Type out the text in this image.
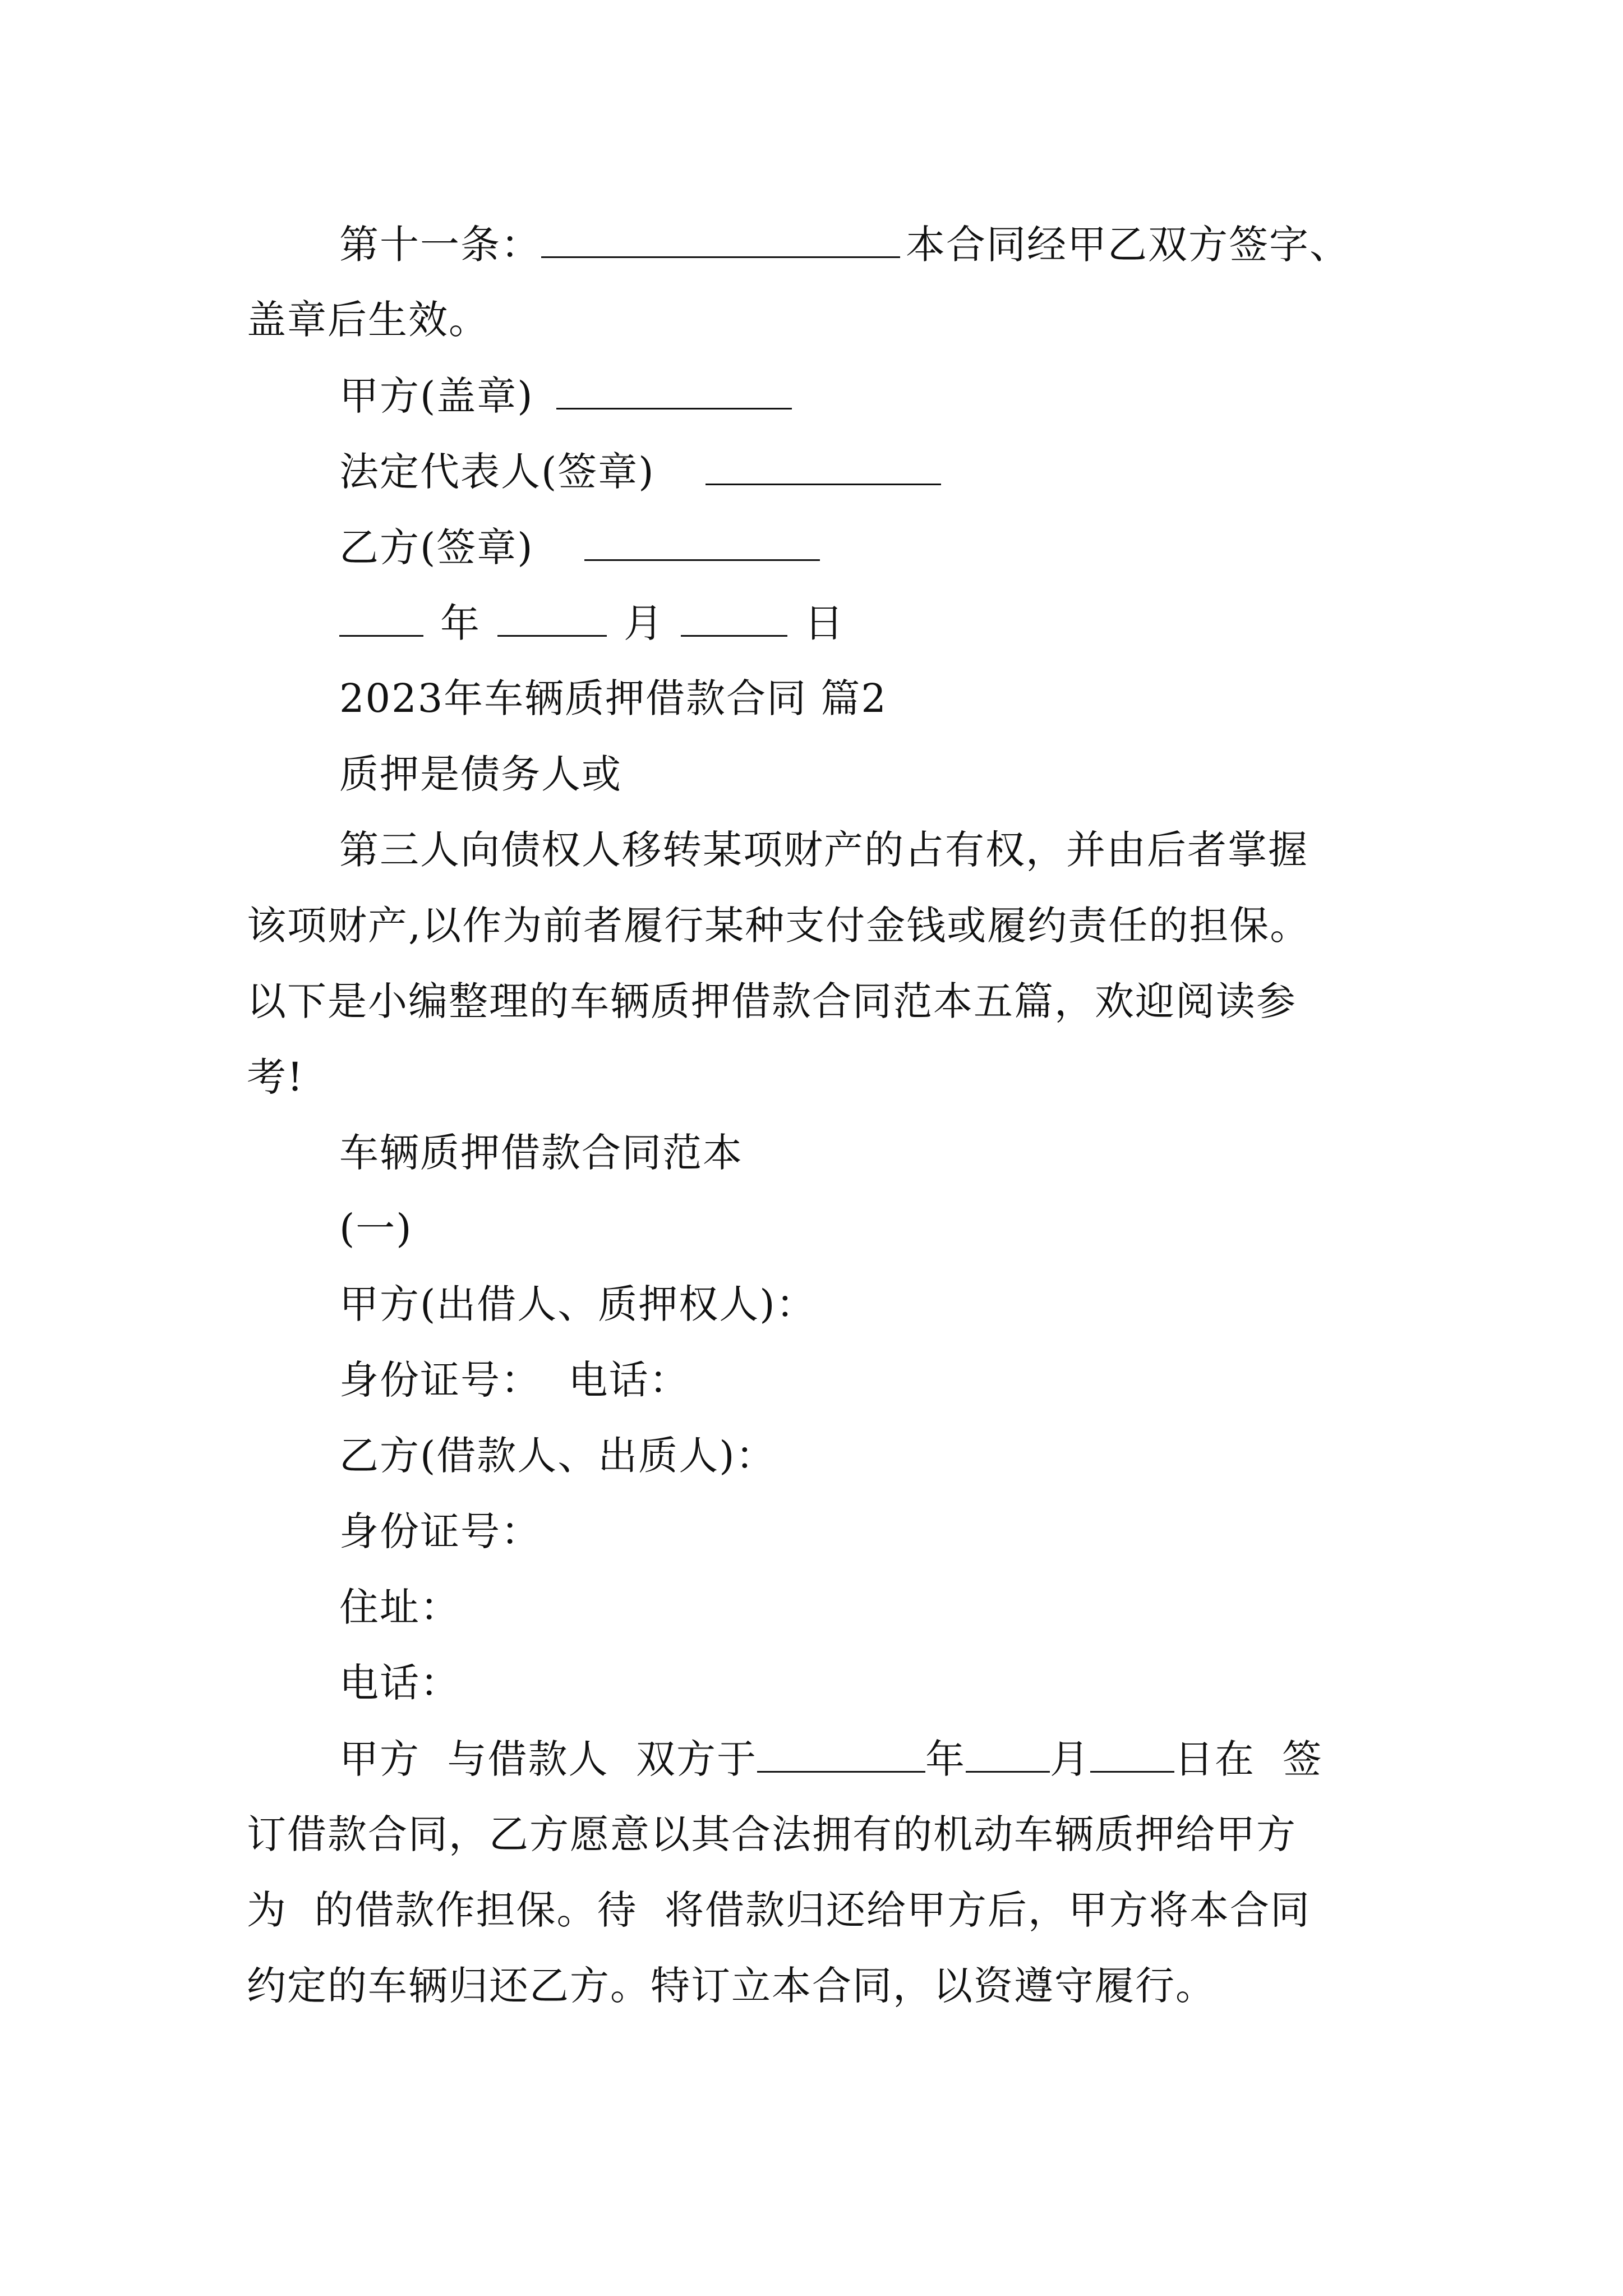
第十一条：	本合同经甲乙双方签字、
盖章后生效。
甲方(盖章)
法定代表人(签章)
乙方(签章)
年	月	日
2023年车辆质押借款合同 篇2
质押是债务人或
第三人向债权人移转某项财产的占有权，并由后者掌握
该项财产,以作为前者履行某种支付金钱或履约责任的担保。
以下是小编整理的车辆质押借款合同范本五篇，欢迎阅读参
考!
车辆质押借款合同范本
(一)
甲方(出借人、质押权人)：
身份证号：  电话：
乙方(借款人、出质人)：
身份证号：
住址：
电话：
甲方  与借款人  双方于	年 月 日在  签
订借款合同，乙方愿意以其合法拥有的机动车辆质押给甲方
为  的借款作担保。待  将借款归还给甲方后，甲方将本合同
约定的车辆归还乙方。特订立本合同，以资遵守履行。
